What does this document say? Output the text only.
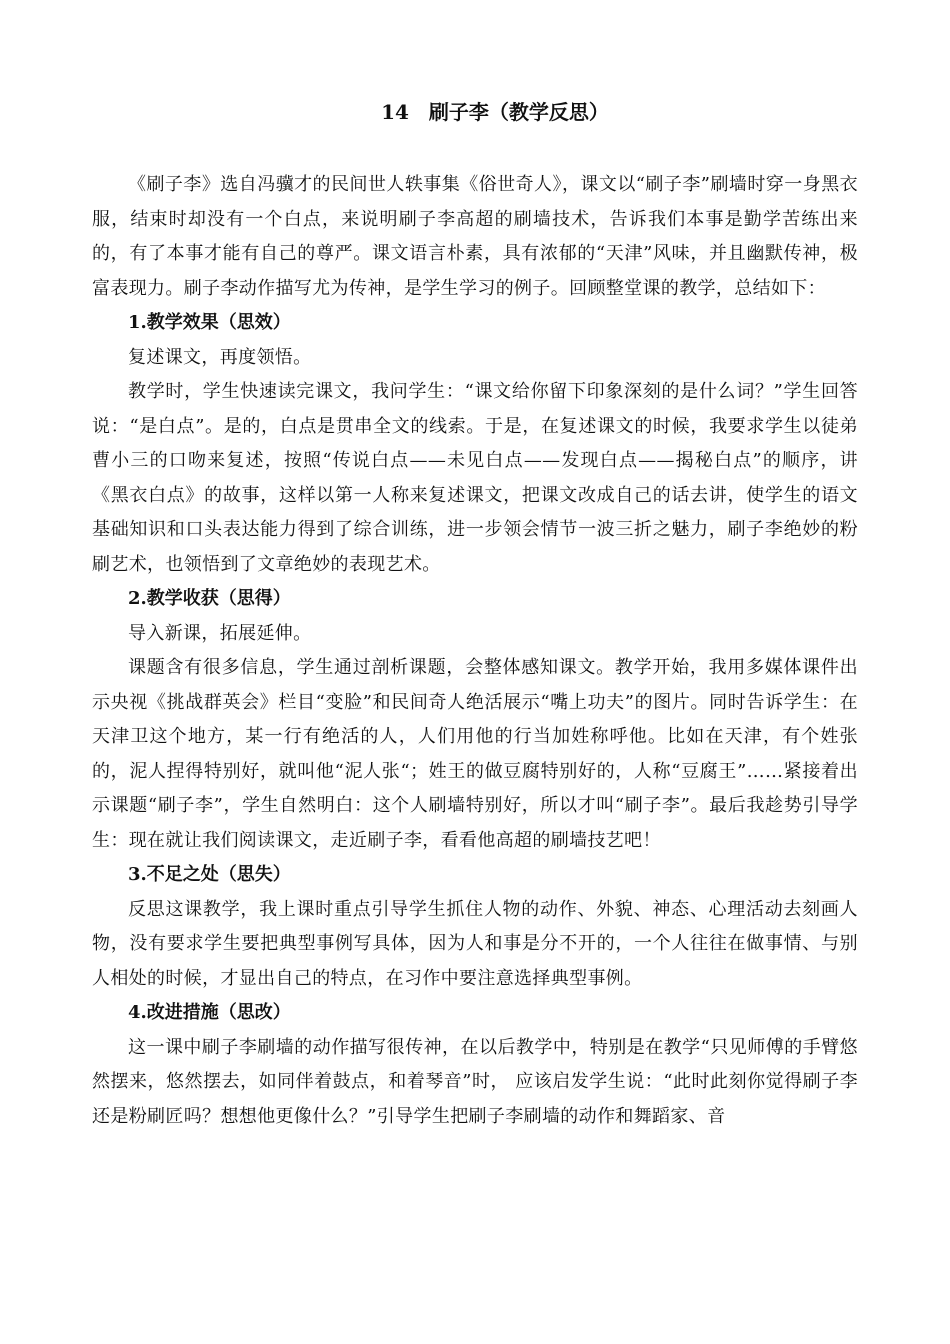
14　刷子李（教学反思）

《刷子李》选自冯骥才的民间世人轶事集《俗世奇人》，课文以“刷子李”刷墙时穿一身黑衣服，结束时却没有一个白点，来说明刷子李高超的刷墙技术，告诉我们本事是勤学苦练出来的，有了本事才能有自己的尊严。课文语言朴素，具有浓郁的“天津”风味，并且幽默传神，极富表现力。刷子李动作描写尤为传神，是学生学习的例子。回顾整堂课的教学，总结如下：

1.教学效果（思效）

复述课文，再度领悟。

教学时，学生快速读完课文，我问学生：“课文给你留下印象深刻的是什么词？”学生回答说：“是白点”。是的，白点是贯串全文的线索。于是，在复述课文的时候，我要求学生以徒弟曹小三的口吻来复述，按照“传说白点——未见白点——发现白点——揭秘白点”的顺序，讲《黑衣白点》的故事，这样以第一人称来复述课文，把课文改成自己的话去讲，使学生的语文基础知识和口头表达能力得到了综合训练，进一步领会情节一波三折之魅力，刷子李绝妙的粉刷艺术，也领悟到了文章绝妙的表现艺术。

2.教学收获（思得）

导入新课，拓展延伸。

课题含有很多信息，学生通过剖析课题，会整体感知课文。教学开始，我用多媒体课件出示央视《挑战群英会》栏目“变脸”和民间奇人绝活展示“嘴上功夫”的图片。同时告诉学生：在天津卫这个地方，某一行有绝活的人，人们用他的行当加姓称呼他。比如在天津，有个姓张的，泥人捏得特别好，就叫他“泥人张“；姓王的做豆腐特别好的，人称“豆腐王”……紧接着出示课题“刷子李”，学生自然明白：这个人刷墙特别好，所以才叫“刷子李”。最后我趁势引导学生：现在就让我们阅读课文，走近刷子李，看看他高超的刷墙技艺吧！

3.不足之处（思失）

反思这课教学，我上课时重点引导学生抓住人物的动作、外貌、神态、心理活动去刻画人物，没有要求学生要把典型事例写具体，因为人和事是分不开的，一个人往往在做事情、与别人相处的时候，才显出自己的特点，在习作中要注意选择典型事例。

4.改进措施（思改）

这一课中刷子李刷墙的动作描写很传神，在以后教学中，特别是在教学“只见师傅的手臂悠然摆来，悠然摆去，如同伴着鼓点，和着琴音”时， 应该启发学生说：“此时此刻你觉得刷子李还是粉刷匠吗？想想他更像什么？”引导学生把刷子李刷墙的动作和舞蹈家、音
